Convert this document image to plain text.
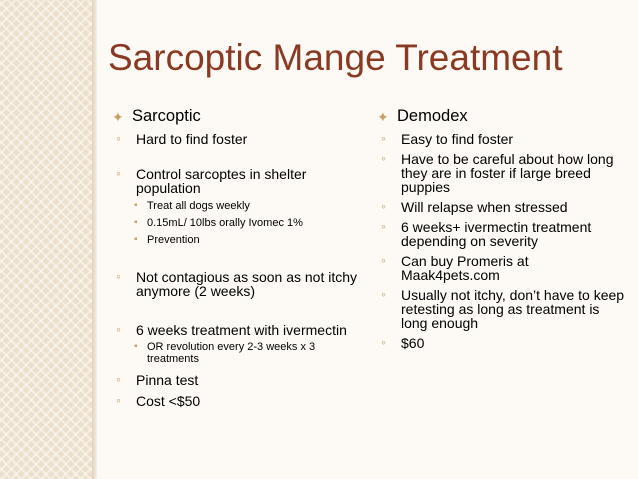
Sarcoptic Mange Treatment
✦ Sarcoptic
◦ Hard to find foster
◦ Control sarcoptes in shelter population
▪ Treat all dogs weekly
▪ 0.15mL/ 10lbs orally Ivomec 1%
▪ Prevention
◦ Not contagious as soon as not itchy anymore (2 weeks)
◦ 6 weeks treatment with ivermectin
▪ OR revolution every 2-3 weeks x 3 treatments
◦ Pinna test
◦ Cost <$50
✦ Demodex
◦ Easy to find foster
◦ Have to be careful about how long they are in foster if large breed puppies
◦ Will relapse when stressed
◦ 6 weeks+ ivermectin treatment depending on severity
◦ Can buy Promeris at Maak4pets.com
◦ Usually not itchy, don’t have to keep retesting as long as treatment is long enough
◦ $60
